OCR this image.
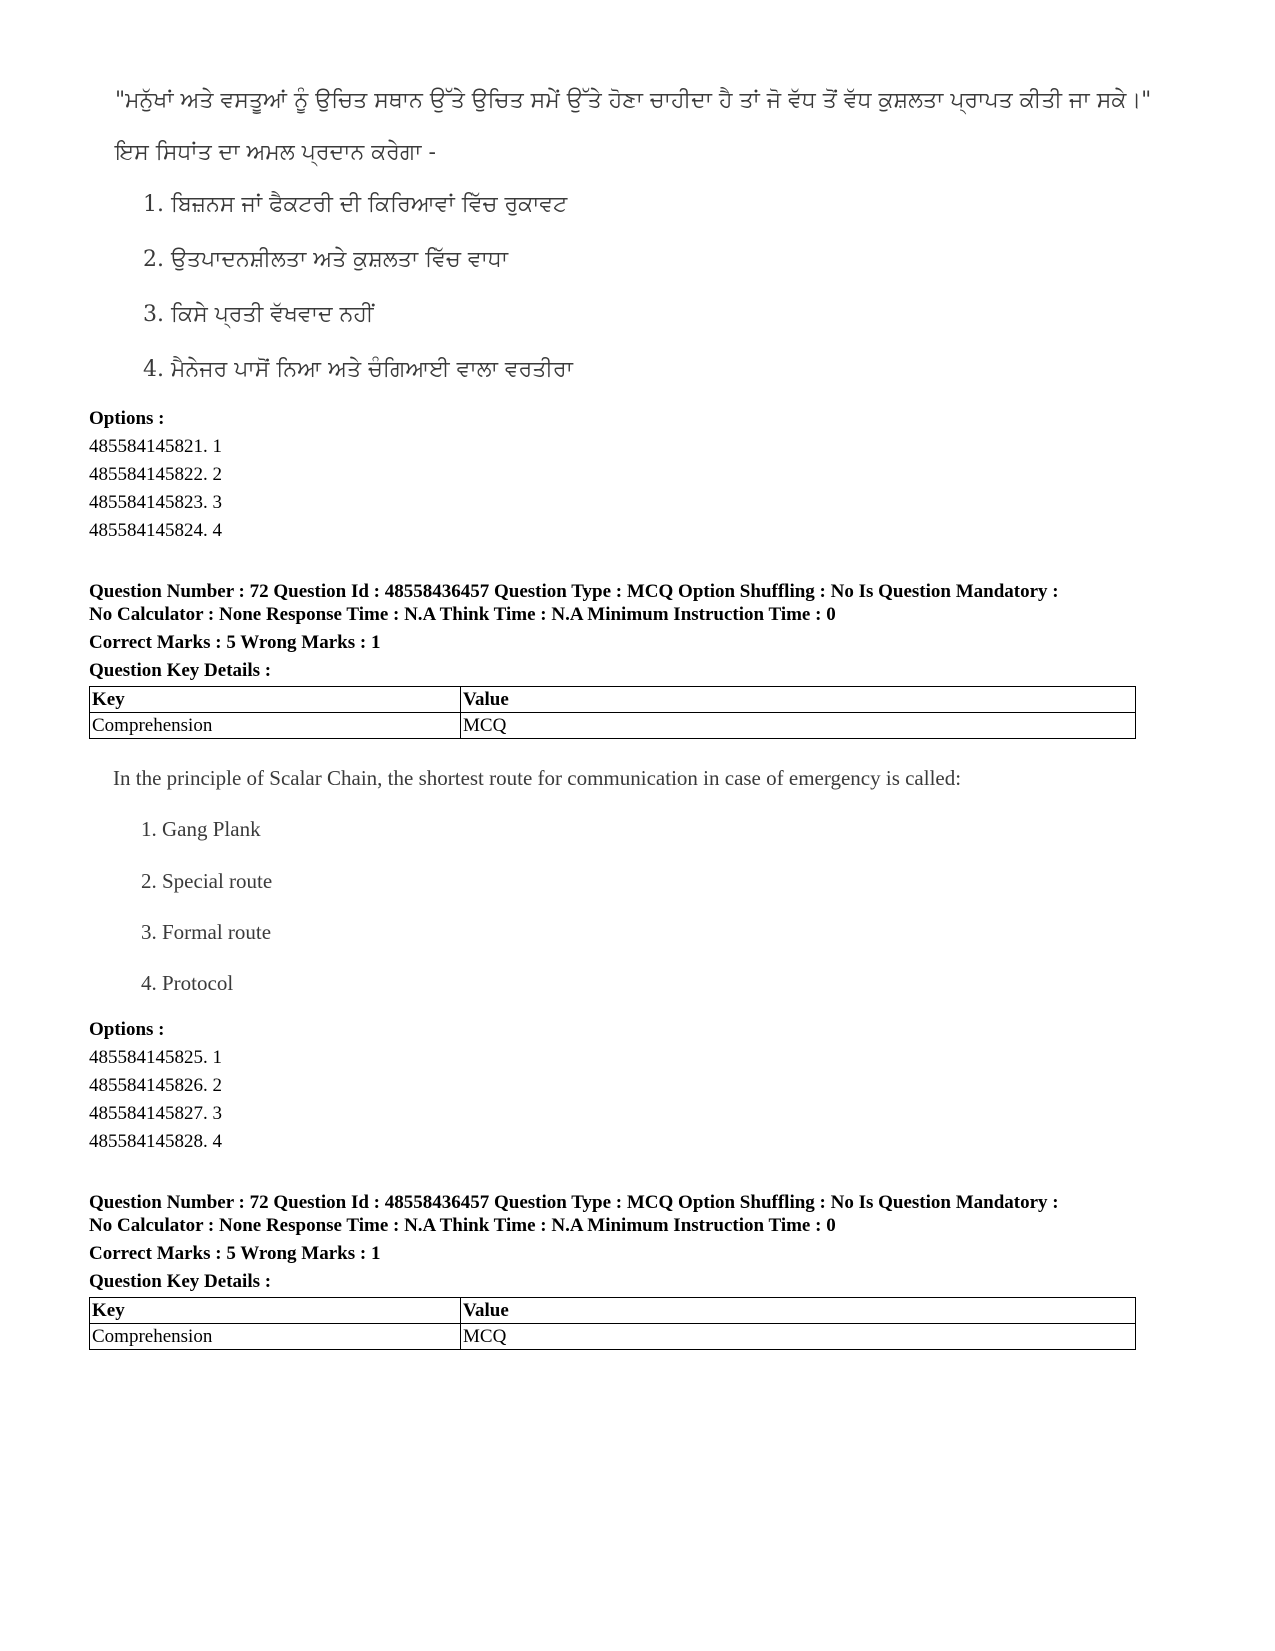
"ਮਨੁੱਖਾਂ ਅਤੇ ਵਸਤੂਆਂ ਨੂੰ ਉਚਿਤ ਸਥਾਨ ਉੱਤੇ ਉਚਿਤ ਸਮੇਂ ਉੱਤੇ ਹੋਣਾ ਚਾਹੀਦਾ ਹੈ ਤਾਂ ਜੋ ਵੱਧ ਤੋਂ ਵੱਧ ਕੁਸ਼ਲਤਾ ਪ੍ਰਾਪਤ ਕੀਤੀ ਜਾ ਸਕੇ।"
ਇਸ ਸਿਧਾਂਤ ਦਾ ਅਮਲ ਪ੍ਰਦਾਨ ਕਰੇਗਾ -
1. ਬਿਜ਼ਨਸ ਜਾਂ ਫੈਕਟਰੀ ਦੀ ਕਿਰਿਆਵਾਂ ਵਿੱਚ ਰੁਕਾਵਟ
2. ਉਤਪਾਦਨਸ਼ੀਲਤਾ ਅਤੇ ਕੁਸ਼ਲਤਾ ਵਿੱਚ ਵਾਧਾ
3. ਕਿਸੇ ਪ੍ਰਤੀ ਵੱਖਵਾਦ ਨਹੀਂ
4. ਮੈਨੇਜਰ ਪਾਸੋਂ ਨਿਆ ਅਤੇ ਚੰਗਿਆਈ ਵਾਲਾ ਵਰਤੀਰਾ
Options :
485584145821. 1
485584145822. 2
485584145823. 3
485584145824. 4
Question Number : 72 Question Id : 48558436457 Question Type : MCQ Option Shuffling : No Is Question Mandatory :
No Calculator : None Response Time : N.A Think Time : N.A Minimum Instruction Time : 0
Correct Marks : 5 Wrong Marks : 1
Question Key Details :
Key	Value
Comprehension	MCQ
In the principle of Scalar Chain, the shortest route for communication in case of emergency is called:
1. Gang Plank
2. Special route
3. Formal route
4. Protocol
Options :
485584145825. 1
485584145826. 2
485584145827. 3
485584145828. 4
Question Number : 72 Question Id : 48558436457 Question Type : MCQ Option Shuffling : No Is Question Mandatory :
No Calculator : None Response Time : N.A Think Time : N.A Minimum Instruction Time : 0
Correct Marks : 5 Wrong Marks : 1
Question Key Details :
Key	Value
Comprehension	MCQ
